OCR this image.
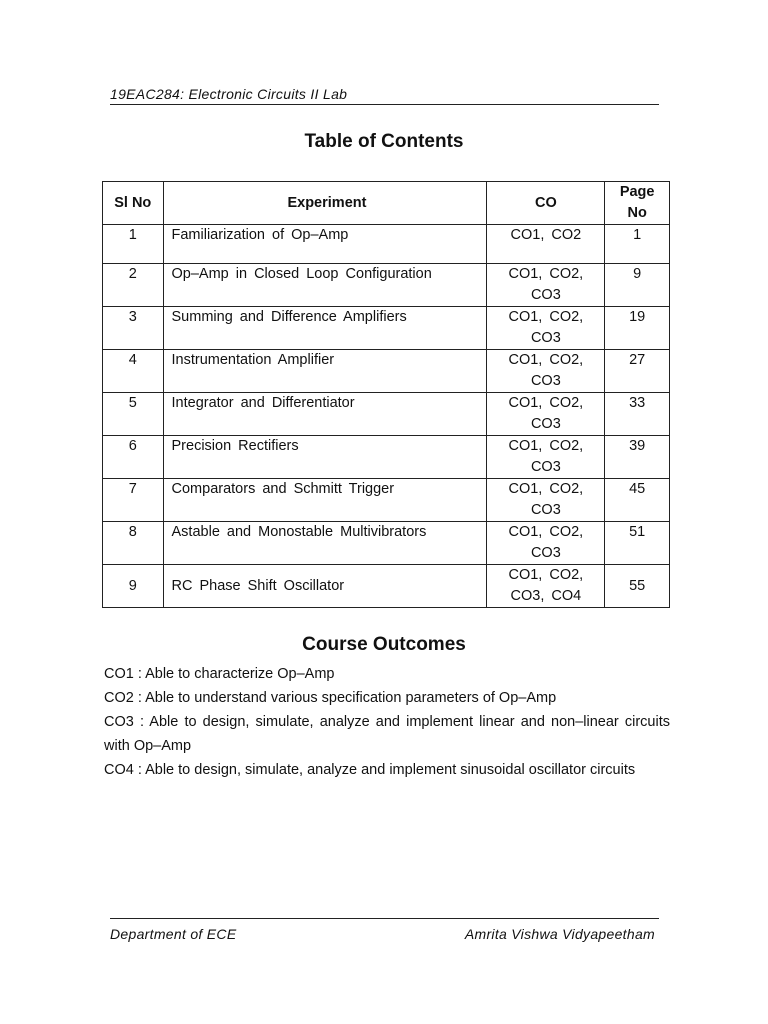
19EAC284: Electronic Circuits II Lab
Table of Contents
Sl No	Experiment	CO	Page No
1	Familiarization of Op–Amp	CO1, CO2	1
2	Op–Amp in Closed Loop Configuration	CO1, CO2, CO3	9
3	Summing and Difference Amplifiers	CO1, CO2, CO3	19
4	Instrumentation Amplifier	CO1, CO2, CO3	27
5	Integrator and Differentiator	CO1, CO2, CO3	33
6	Precision Rectifiers	CO1, CO2, CO3	39
7	Comparators and Schmitt Trigger	CO1, CO2, CO3	45
8	Astable and Monostable Multivibrators	CO1, CO2, CO3	51
9	RC Phase Shift Oscillator	CO1, CO2, CO3, CO4	55
Course Outcomes

CO1 : Able to characterize Op–Amp

CO2 : Able to understand various specification parameters of Op–Amp

CO3 : Able to design, simulate, analyze and implement linear and non–linear circuits with Op–Amp

CO4 : Able to design, simulate, analyze and implement sinusoidal oscillator circuits

Department of ECE	Amrita Vishwa Vidyapeetham
